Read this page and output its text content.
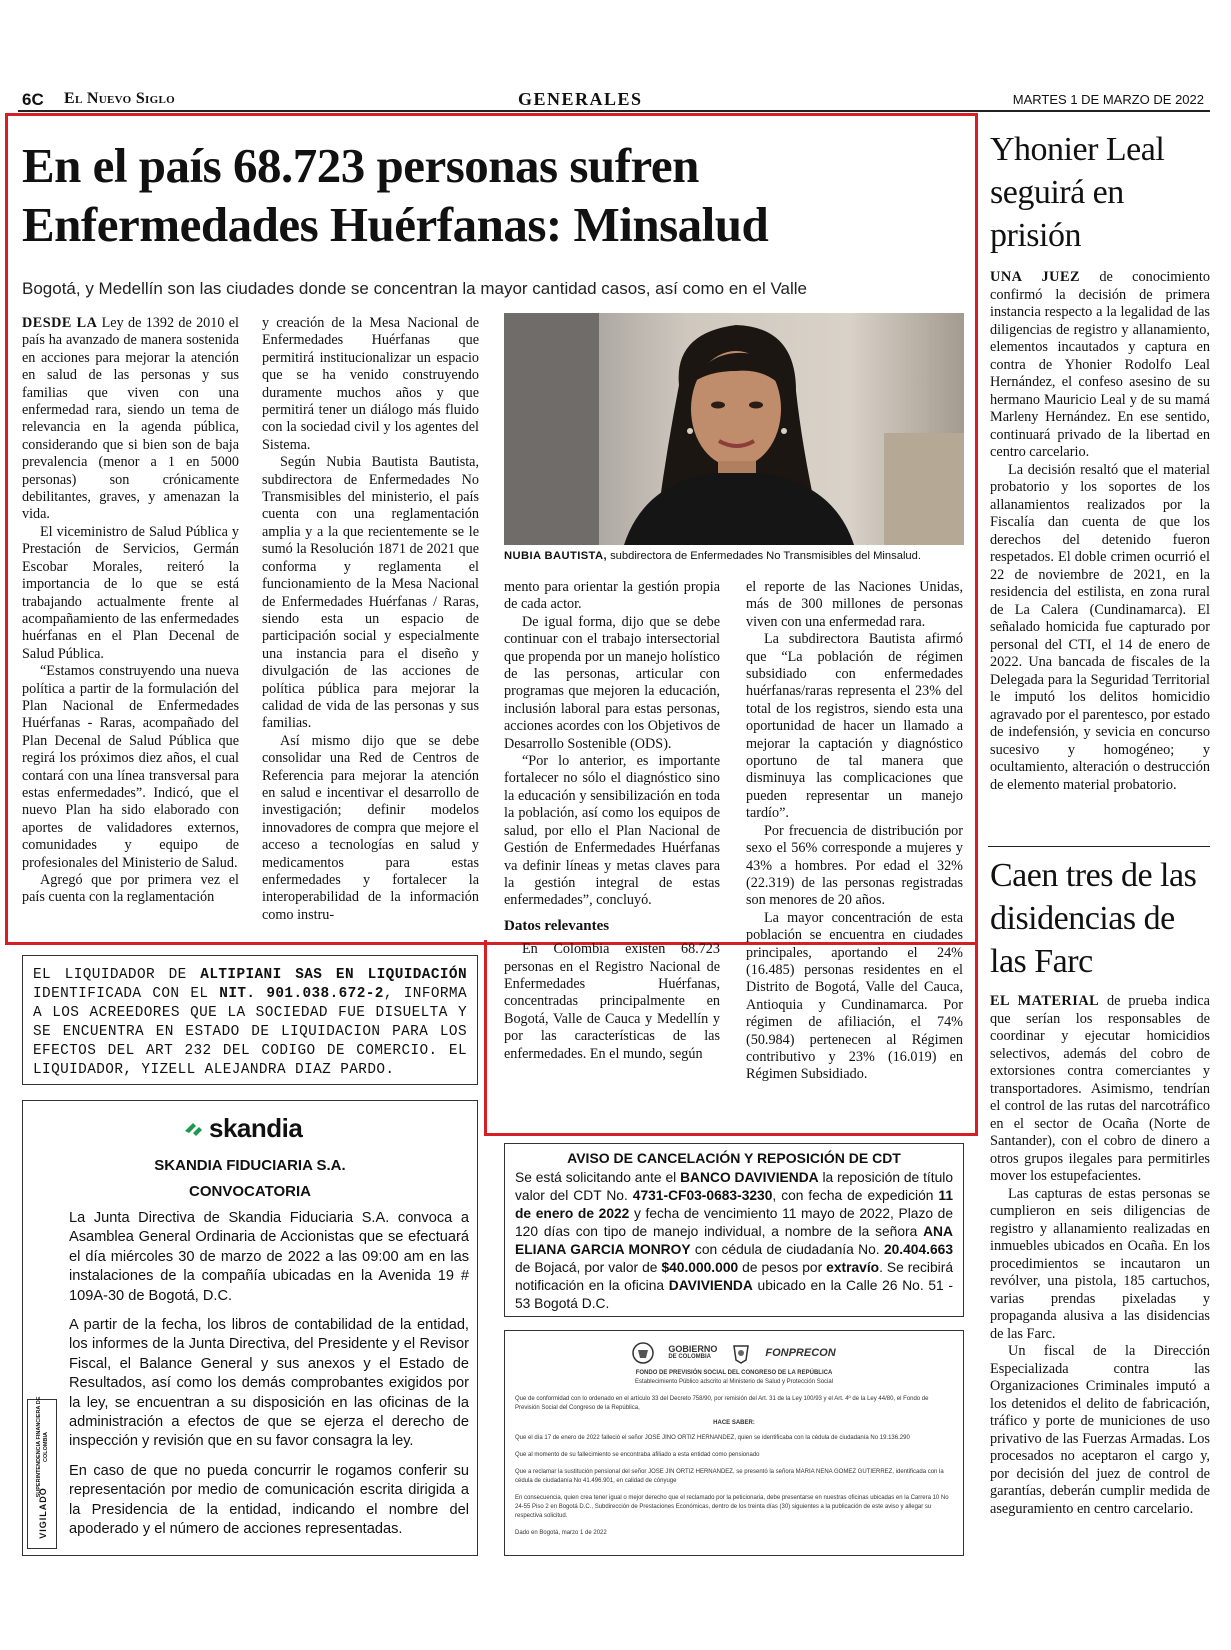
6C El Nuevo Siglo	GENERALES	MARTES 1 DE MARZO DE 2022
En el país 68.723 personas sufren
Enfermedades Huérfanas: Minsalud
Bogotá, y Medellín son las ciudades donde se concentran la mayor cantidad casos, así como en el Valle

DESDE LA Ley de 1392 de 2010 el país ha avanzado de manera sostenida en acciones para mejorar la atención en salud de las personas y sus familias que viven con una enfermedad rara, siendo un tema de relevancia en la agenda pública, considerando que si bien son de baja prevalencia (menor a 1 en 5000 personas) son crónicamente debilitantes, graves, y amenazan la vida.

El viceministro de Salud Pública y Prestación de Servicios, Germán Escobar Morales, reiteró la importancia de lo que se está trabajando actualmente frente al acompañamiento de las enfermedades huérfanas en el Plan Decenal de Salud Pública.

“Estamos construyendo una nueva política a partir de la formulación del Plan Nacional de Enfermedades Huérfanas - Raras, acompañado del Plan Decenal de Salud Pública que regirá los próximos diez años, el cual contará con una línea transversal para estas enfermedades”. Indicó, que el nuevo Plan ha sido elaborado con aportes de validadores externos, comunidades y equipo de profesionales del Ministerio de Salud.

Agregó que por primera vez el país cuenta con la reglamentación

y creación de la Mesa Nacional de Enfermedades Huérfanas que permitirá institucionalizar un espacio que se ha venido construyendo duramente muchos años y que permitirá tener un diálogo más fluido con la sociedad civil y los agentes del Sistema.

Según Nubia Bautista Bautista, subdirectora de Enfermedades No Transmisibles del ministerio, el país cuenta con una reglamentación amplia y a la que recientemente se le sumó la Resolución 1871 de 2021 que conforma y reglamenta el funcionamiento de la Mesa Nacional de Enfermedades Huérfanas / Raras, siendo esta un espacio de participación social y especialmente una instancia para el diseño y divulgación de las acciones de política pública para mejorar la calidad de vida de las personas y sus familias.

Así mismo dijo que se debe consolidar una Red de Centros de Referencia para mejorar la atención en salud e incentivar el desarrollo de investigación; definir modelos innovadores de compra que mejore el acceso a tecnologías en salud y medicamentos para estas enfermedades y fortalecer la interoperabilidad de la información como instru-

NUBIA BAUTISTA, subdirectora de Enfermedades No Transmisibles del Minsalud.

mento para orientar la gestión propia de cada actor.

De igual forma, dijo que se debe continuar con el trabajo intersectorial que propenda por un manejo holístico de las personas, articular con programas que mejoren la educación, inclusión laboral para estas personas, acciones acordes con los Objetivos de Desarrollo Sostenible (ODS).

“Por lo anterior, es importante fortalecer no sólo el diagnóstico sino la educación y sensibilización en toda la población, así como los equipos de salud, por ello el Plan Nacional de Gestión de Enfermedades Huérfanas va definir líneas y metas claves para la gestión integral de estas enfermedades”, concluyó.

Datos relevantes

En Colombia existen 68.723 personas en el Registro Nacional de Enfermedades Huérfanas, concentradas principalmente en Bogotá, Valle de Cauca y Medellín y por las características de las enfermedades. En el mundo, según

el reporte de las Naciones Unidas, más de 300 millones de personas viven con una enfermedad rara.

La subdirectora Bautista afirmó que “La población de régimen subsidiado con enfermedades huérfanas/raras representa el 23% del total de los registros, siendo esta una oportunidad de hacer un llamado a mejorar la captación y diagnóstico oportuno de tal manera que disminuya las complicaciones que pueden representar un manejo tardío”.

Por frecuencia de distribución por sexo el 56% corresponde a mujeres y 43% a hombres. Por edad el 32% (22.319) de las personas registradas son menores de 20 años.

La mayor concentración de esta población se encuentra en ciudades principales, aportando el 24% (16.485) personas residentes en el Distrito de Bogotá, Valle del Cauca, Antioquia y Cundinamarca. Por régimen de afiliación, el 74% (50.984) pertenecen al Régimen contributivo y 23% (16.019) en Régimen Subsidiado.

EL LIQUIDADOR DE ALTIPIANI SAS EN LIQUIDACIÓN IDENTIFICADA CON EL NIT. 901.038.672-2, INFORMA A LOS ACREEDORES QUE LA SOCIEDAD FUE DISUELTA Y SE ENCUENTRA EN ESTADO DE LIQUIDACION PARA LOS EFECTOS DEL ART 232 DEL CODIGO DE COMERCIO. EL LIQUIDADOR, YIZELL ALEJANDRA DIAZ PARDO.
skandia
SKANDIA FIDUCIARIA S.A.
CONVOCATORIA

La Junta Directiva de Skandia Fiduciaria S.A. convoca a Asamblea General Ordinaria de Accionistas que se efectuará el día miércoles 30 de marzo de 2022 a las 09:00 am en las instalaciones de la compañía ubicadas en la Avenida 19 # 109A-30 de Bogotá, D.C.

A partir de la fecha, los libros de contabilidad de la entidad, los informes de la Junta Directiva, del Presidente y el Revisor Fiscal, el Balance General y sus anexos y el Estado de Resultados, así como los demás comprobantes exigidos por la ley, se encuentran a su disposición en las oficinas de la administración a efectos de que se ejerza el derecho de inspección y revisión que en su favor consagra la ley.

En caso de que no pueda concurrir le rogamos conferir su representación por medio de comunicación escrita dirigida a la Presidencia de la entidad, indicando el nombre del apoderado y el número de acciones representadas.

VIGILADO
SUPERINTENDENCIA FINANCIERA DE COLOMBIA
AVISO DE CANCELACIÓN Y REPOSICIÓN DE CDT
Se está solicitando ante el BANCO DAVIVIENDA la reposición de título valor del CDT No. 4731-CF03-0683-3230, con fecha de expedición 11 de enero de 2022 y fecha de vencimiento 11 mayo de 2022, Plazo de 120 días con tipo de manejo individual, a nombre de la señora ANA ELIANA GARCIA MONROY con cédula de ciudadanía No. 20.404.663 de Bojacá, por valor de $40.000.000 de pesos por extravío. Se recibirá notificación en la oficina DAVIVIENDA ubicado en la Calle 26 No. 51 - 53 Bogotá D.C.
GOBIERNO
DE COLOMBIA	FONPRECON
FONDO DE PREVISIÓN SOCIAL DEL CONGRESO DE LA REPÚBLICA
Establecimiento Público adscrito al Ministerio de Salud y Protección Social
Que de conformidad con lo ordenado en el artículo 33 del Decreto 758/90, por remisión del Art. 31 de la Ley 100/93 y el Art. 4º de la Ley 44/80, el Fondo de Previsión Social del Congreso de la República,
HACE SABER:
Que el día 17 de enero de 2022 falleció el señor JOSE JINO ORTIZ HERNANDEZ, quien se identificaba con la cédula de ciudadanía No 19.136.290
Que al momento de su fallecimiento se encontraba afiliado a esta entidad como pensionado
Que a reclamar la sustitución pensional del señor JOSE JIN ORTIZ HERNANDEZ, se presentó la señora MARIA NENA GOMEZ GUTIERREZ, identificada con la cédula de ciudadanía No 41.496.901, en calidad de cónyuge
En consecuencia, quien crea tener igual o mejor derecho que el reclamado por la peticionaria, debe presentarse en nuestras oficinas ubicadas en la Carrera 10 No 24-55 Piso 2 en Bogotá D.C., Subdirección de Prestaciones Económicas, dentro de los treinta días (30) siguientes a la publicación de este aviso y allegar su respectiva solicitud.
Dado en Bogotá, marzo 1 de 2022
Yhonier Leal seguirá en prisión

UNA JUEZ de conocimiento confirmó la decisión de primera instancia respecto a la legalidad de las diligencias de registro y allanamiento, elementos incautados y captura en contra de Yhonier Rodolfo Leal Hernández, el confeso asesino de su hermano Mauricio Leal y de su mamá Marleny Hernández. En ese sentido, continuará privado de la libertad en centro carcelario.

La decisión resaltó que el material probatorio y los soportes de los allanamientos realizados por la Fiscalía dan cuenta de que los derechos del detenido fueron respetados. El doble crimen ocurrió el 22 de noviembre de 2021, en la residencia del estilista, en zona rural de La Calera (Cundinamarca). El señalado homicida fue capturado por personal del CTI, el 14 de enero de 2022. Una bancada de fiscales de la Delegada para la Seguridad Territorial le imputó los delitos homicidio agravado por el parentesco, por estado de indefensión, y sevicia en concurso sucesivo y homogéneo; y ocultamiento, alteración o destrucción de elemento material probatorio.

Caen tres de las disidencias de las Farc

EL MATERIAL de prueba indica que serían los responsables de coordinar y ejecutar homicidios selectivos, además del cobro de extorsiones contra comerciantes y transportadores. Asimismo, tendrían el control de las rutas del narcotráfico en el sector de Ocaña (Norte de Santander), con el cobro de dinero a otros grupos ilegales para permitirles mover los estupefacientes.

Las capturas de estas personas se cumplieron en seis diligencias de registro y allanamiento realizadas en inmuebles ubicados en Ocaña. En los procedimientos se incautaron un revólver, una pistola, 185 cartuchos, varias prendas pixeladas y propaganda alusiva a las disidencias de las Farc.

Un fiscal de la Dirección Especializada contra las Organizaciones Criminales imputó a los detenidos el delito de fabricación, tráfico y porte de municiones de uso privativo de las Fuerzas Armadas. Los procesados no aceptaron el cargo y, por decisión del juez de control de garantías, deberán cumplir medida de aseguramiento en centro carcelario.
